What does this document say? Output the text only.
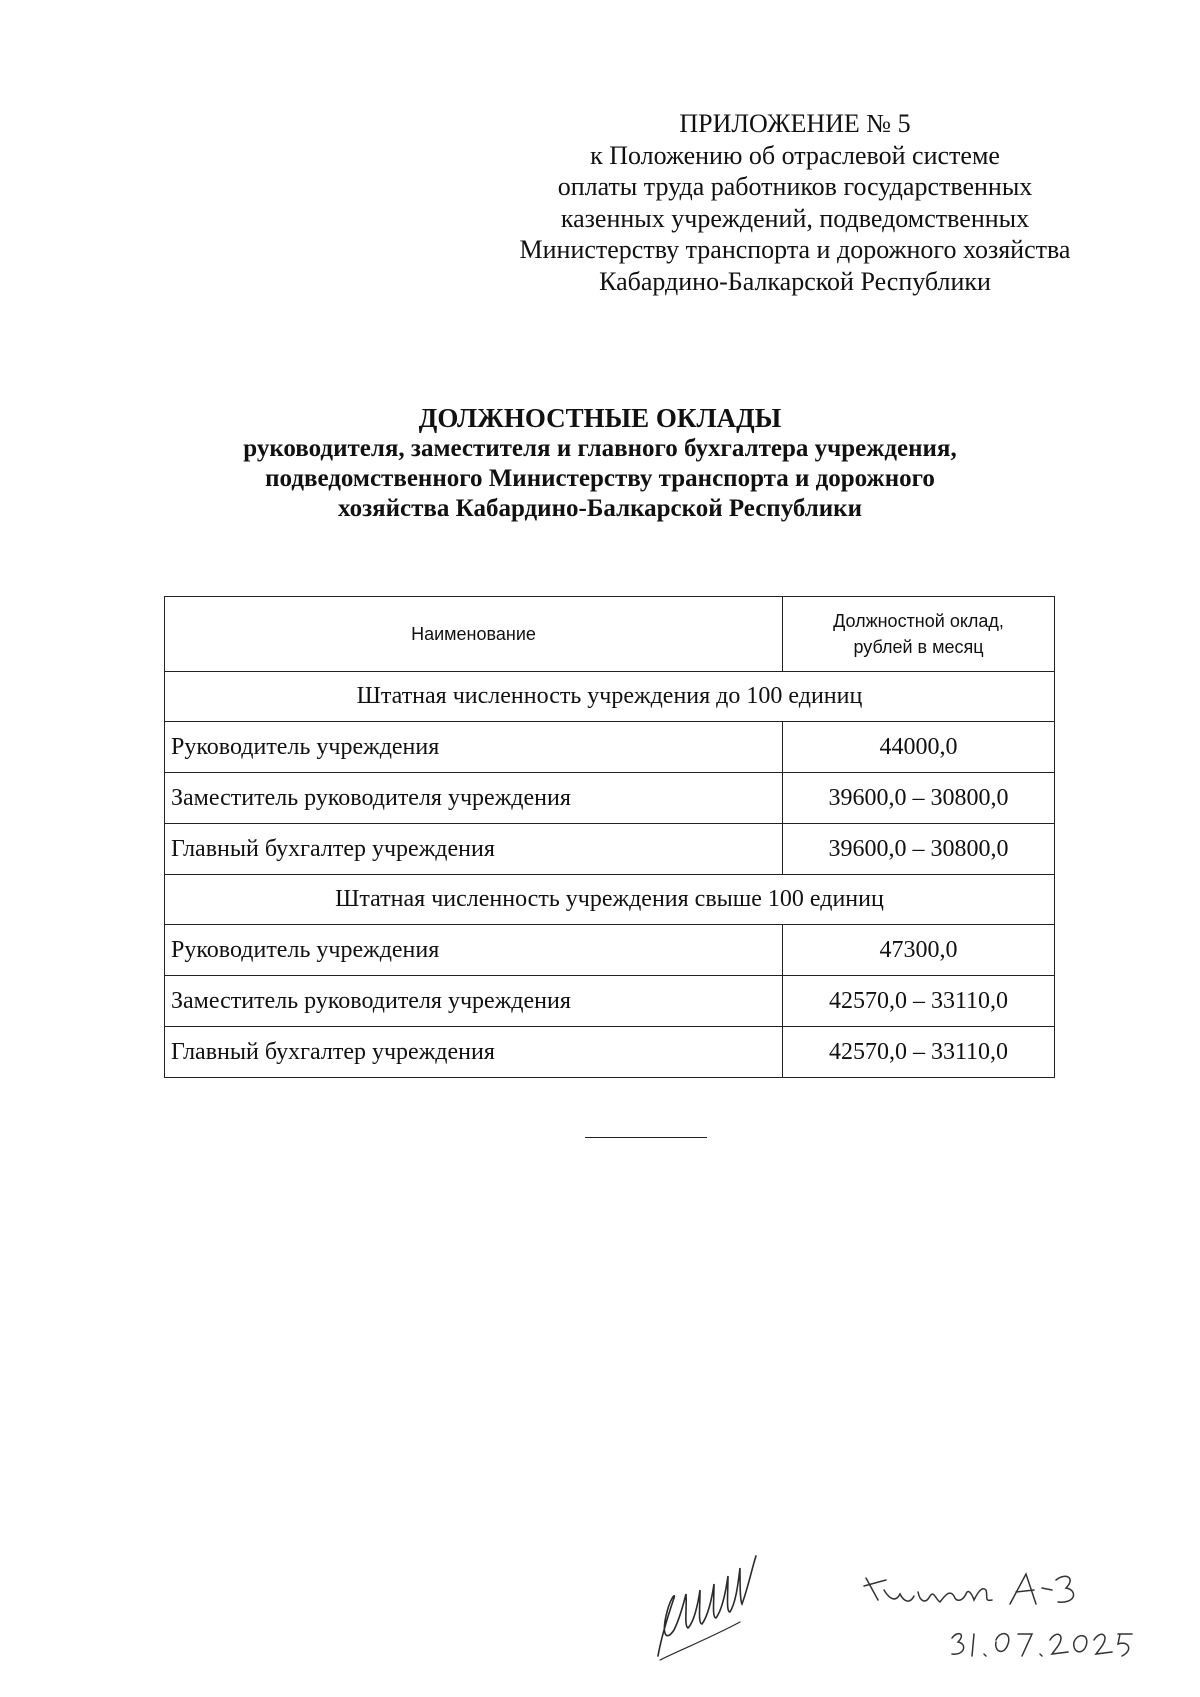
ПРИЛОЖЕНИЕ № 5
к Положению об отраслевой системе
оплаты труда работников государственных
казенных учреждений, подведомственных
Министерству транспорта и дорожного хозяйства
Кабардино-Балкарской Республики
ДОЛЖНОСТНЫЕ ОКЛАДЫ
руководителя, заместителя и главного бухгалтера учреждения,
подведомственного Министерству транспорта и дорожного
хозяйства Кабардино-Балкарской Республики
Наименование	Должностной оклад,
рублей в месяц
Штатная численность учреждения до 100 единиц	
Руководитель учреждения	44000,0
Заместитель руководителя учреждения	39600,0 – 30800,0
Главный бухгалтер учреждения	39600,0 – 30800,0
Штатная численность учреждения свыше 100 единиц	
Руководитель учреждения	47300,0
Заместитель руководителя учреждения	42570,0 – 33110,0
Главный бухгалтер учреждения	42570,0 – 33110,0
